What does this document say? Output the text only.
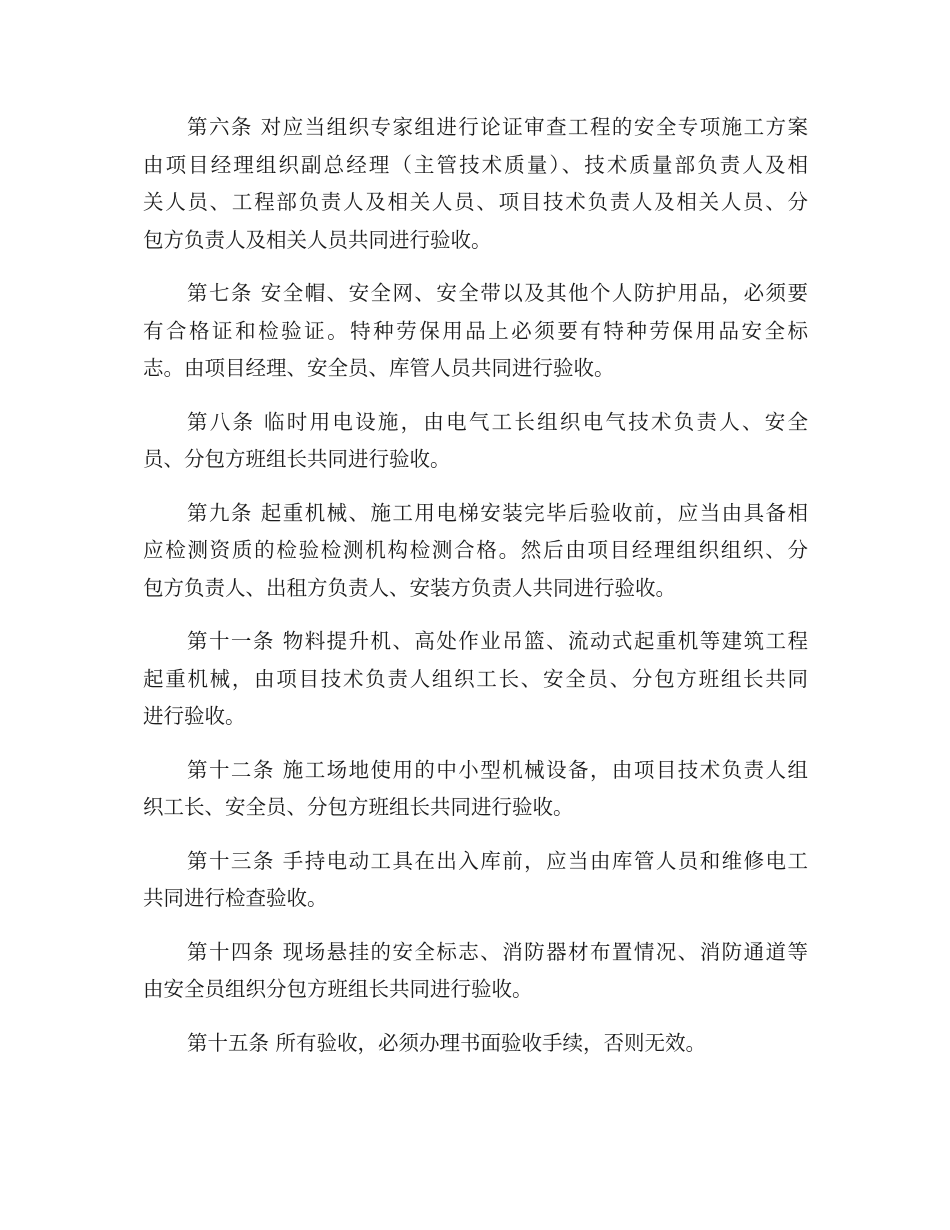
第六条 对应当组织专家组进行论证审查工程的安全专项施工方案
由项目经理组织副总经理（主管技术质量）、技术质量部负责人及相
关人员、工程部负责人及相关人员、项目技术负责人及相关人员、分
包方负责人及相关人员共同进行验收。
第七条 安全帽、安全网、安全带以及其他个人防护用品，必须要
有合格证和检验证。特种劳保用品上必须要有特种劳保用品安全标
志。由项目经理、安全员、库管人员共同进行验收。
第八条 临时用电设施，由电气工长组织电气技术负责人、安全
员、分包方班组长共同进行验收。
第九条 起重机械、施工用电梯安装完毕后验收前，应当由具备相
应检测资质的检验检测机构检测合格。然后由项目经理组织组织、分
包方负责人、出租方负责人、安装方负责人共同进行验收。
第十一条 物料提升机、高处作业吊篮、流动式起重机等建筑工程
起重机械，由项目技术负责人组织工长、安全员、分包方班组长共同
进行验收。
第十二条 施工场地使用的中小型机械设备，由项目技术负责人组
织工长、安全员、分包方班组长共同进行验收。
第十三条 手持电动工具在出入库前，应当由库管人员和维修电工
共同进行检查验收。
第十四条 现场悬挂的安全标志、消防器材布置情况、消防通道等
由安全员组织分包方班组长共同进行验收。
第十五条 所有验收，必须办理书面验收手续，否则无效。
